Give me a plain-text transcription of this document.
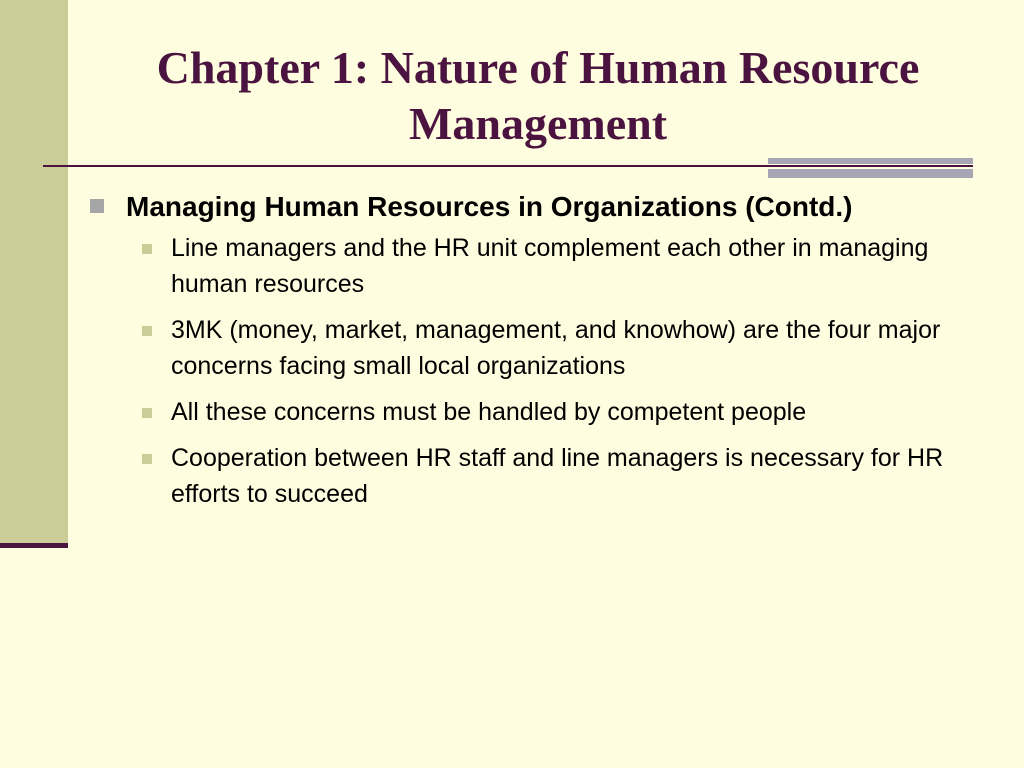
Chapter 1: Nature of Human Resource Management
Managing Human Resources in Organizations (Contd.)
Line managers and the HR unit complement each other in managing human resources
3MK (money, market, management, and knowhow) are the four major concerns facing small local organizations
All these concerns must be handled by competent people
Cooperation between HR staff and line managers is necessary for HR efforts to succeed
